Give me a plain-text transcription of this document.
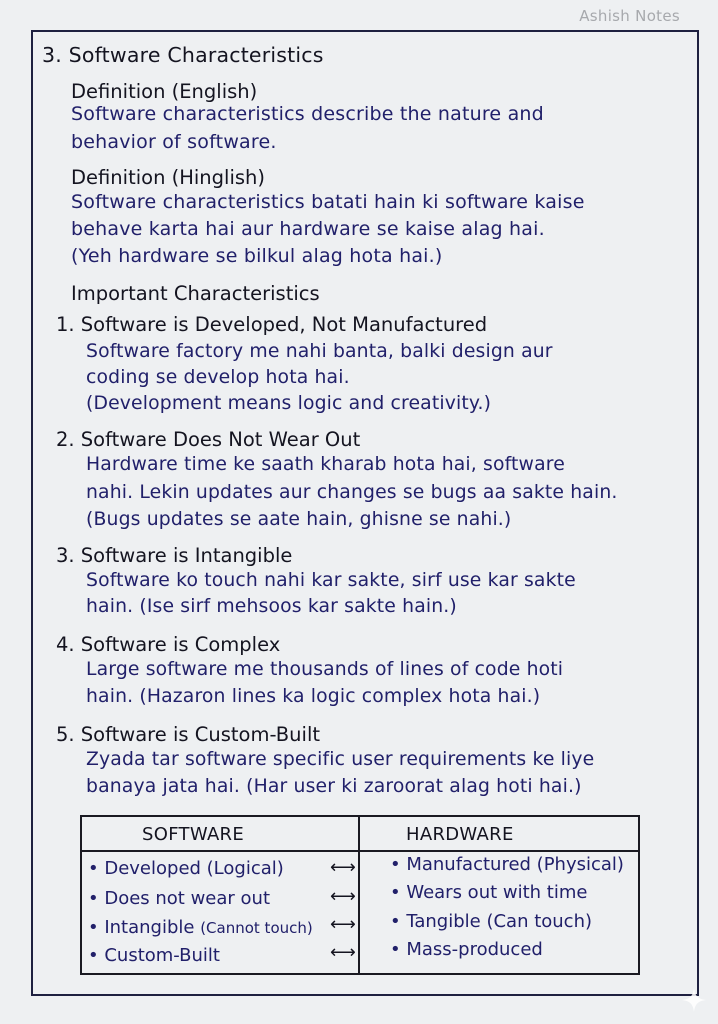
Ashish Notes
3. Software Characteristics
Definition (English)
Software characteristics describe the nature and
behavior of software.
Definition (Hinglish)
Software characteristics batati hain ki software kaise
behave karta hai aur hardware se kaise alag hai.
(Yeh hardware se bilkul alag hota hai.)
Important Characteristics
1. Software is Developed, Not Manufactured
Software factory me nahi banta, balki design aur
coding se develop hota hai.
(Development means logic and creativity.)
2. Software Does Not Wear Out
Hardware time ke saath kharab hota hai, software
nahi. Lekin updates aur changes se bugs aa sakte hain.
(Bugs updates se aate hain, ghisne se nahi.)
3. Software is Intangible
Software ko touch nahi kar sakte, sirf use kar sakte
hain. (Ise sirf mehsoos kar sakte hain.)
4. Software is Complex
Large software me thousands of lines of code hoti
hain. (Hazaron lines ka logic complex hota hai.)
5. Software is Custom-Built
Zyada tar software specific user requirements ke liye
banaya jata hai. (Har user ki zaroorat alag hoti hai.)
SOFTWARE	HARDWARE
• Developed (Logical)	⟷ • Manufactured (Physical)
• Does not wear out	⟷ • Wears out with time
• Intangible (Cannot touch) ⟷ • Tangible (Can touch)
• Custom-Built	⟷ • Mass-produced
